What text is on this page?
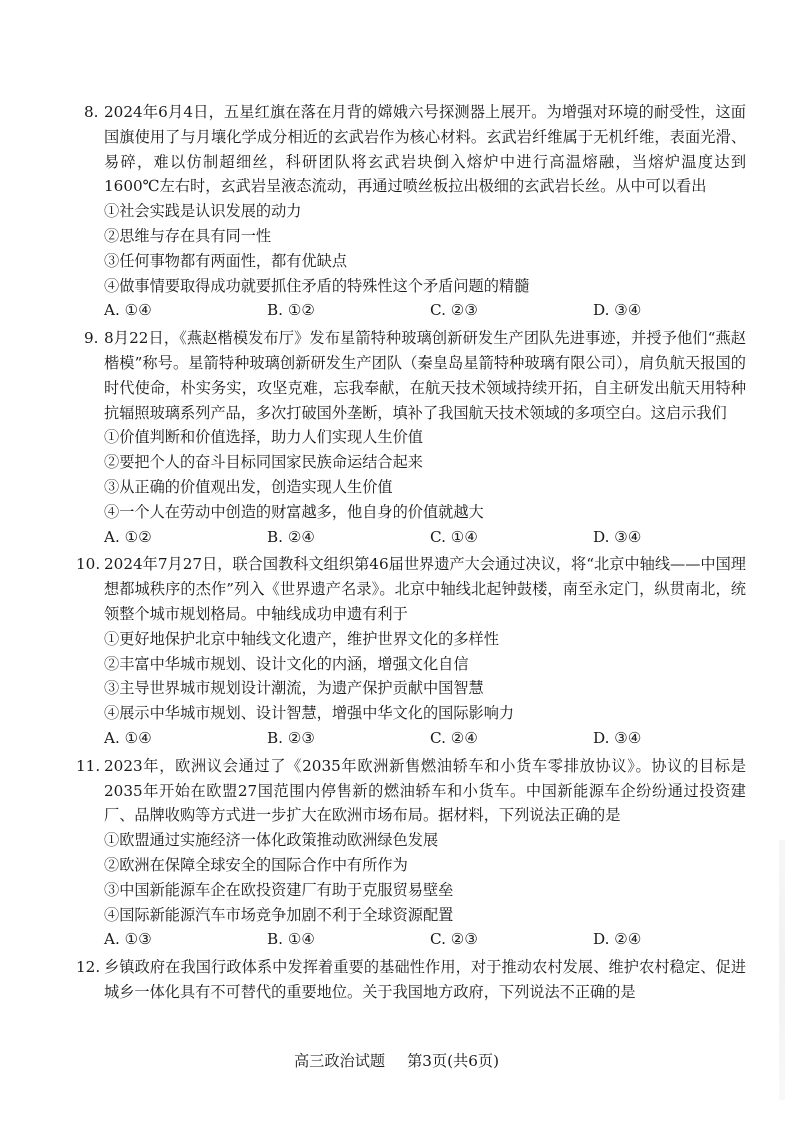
8. 2024年6月4日，五星红旗在落在月背的嫦娥六号探测器上展开。为增强对环境的耐受性，这面国旗使用了与月壤化学成分相近的玄武岩作为核心材料。玄武岩纤维属于无机纤维，表面光滑、易碎，难以仿制超细丝，科研团队将玄武岩块倒入熔炉中进行高温熔融，当熔炉温度达到1600℃左右时，玄武岩呈液态流动，再通过喷丝板拉出极细的玄武岩长丝。从中可以看出
①社会实践是认识发展的动力
②思维与存在具有同一性
③任何事物都有两面性，都有优缺点
④做事情要取得成功就要抓住矛盾的特殊性这个矛盾问题的精髓
A. ①④	B. ①②	C. ②③	D. ③④
9. 8月22日，《燕赵楷模发布厅》发布星箭特种玻璃创新研发生产团队先进事迹，并授予他们“燕赵楷模”称号。星箭特种玻璃创新研发生产团队（秦皇岛星箭特种玻璃有限公司），肩负航天报国的时代使命，朴实务实，攻坚克难，忘我奉献，在航天技术领域持续开拓，自主研发出航天用特种抗辐照玻璃系列产品，多次打破国外垄断，填补了我国航天技术领域的多项空白。这启示我们
①价值判断和价值选择，助力人们实现人生价值
②要把个人的奋斗目标同国家民族命运结合起来
③从正确的价值观出发，创造实现人生价值
④一个人在劳动中创造的财富越多，他自身的价值就越大
A. ①②	B. ②④	C. ①④	D. ③④
10. 2024年7月27日，联合国教科文组织第46届世界遗产大会通过决议，将“北京中轴线——中国理想都城秩序的杰作”列入《世界遗产名录》。北京中轴线北起钟鼓楼，南至永定门，纵贯南北，统领整个城市规划格局。中轴线成功申遗有利于
①更好地保护北京中轴线文化遗产，维护世界文化的多样性
②丰富中华城市规划、设计文化的内涵，增强文化自信
③主导世界城市规划设计潮流，为遗产保护贡献中国智慧
④展示中华城市规划、设计智慧，增强中华文化的国际影响力
A. ①④	B. ②③	C. ②④	D. ③④
11. 2023年，欧洲议会通过了《2035年欧洲新售燃油轿车和小货车零排放协议》。协议的目标是2035年开始在欧盟27国范围内停售新的燃油轿车和小货车。中国新能源车企纷纷通过投资建厂、品牌收购等方式进一步扩大在欧洲市场布局。据材料，下列说法正确的是
①欧盟通过实施经济一体化政策推动欧洲绿色发展
②欧洲在保障全球安全的国际合作中有所作为
③中国新能源车企在欧投资建厂有助于克服贸易壁垒
④国际新能源汽车市场竞争加剧不利于全球资源配置
A. ①③	B. ①④	C. ②③	D. ②④
12. 乡镇政府在我国行政体系中发挥着重要的基础性作用，对于推动农村发展、维护农村稳定、促进城乡一体化具有不可替代的重要地位。关于我国地方政府，下列说法不正确的是
高三政治试题 第3页(共6页)
